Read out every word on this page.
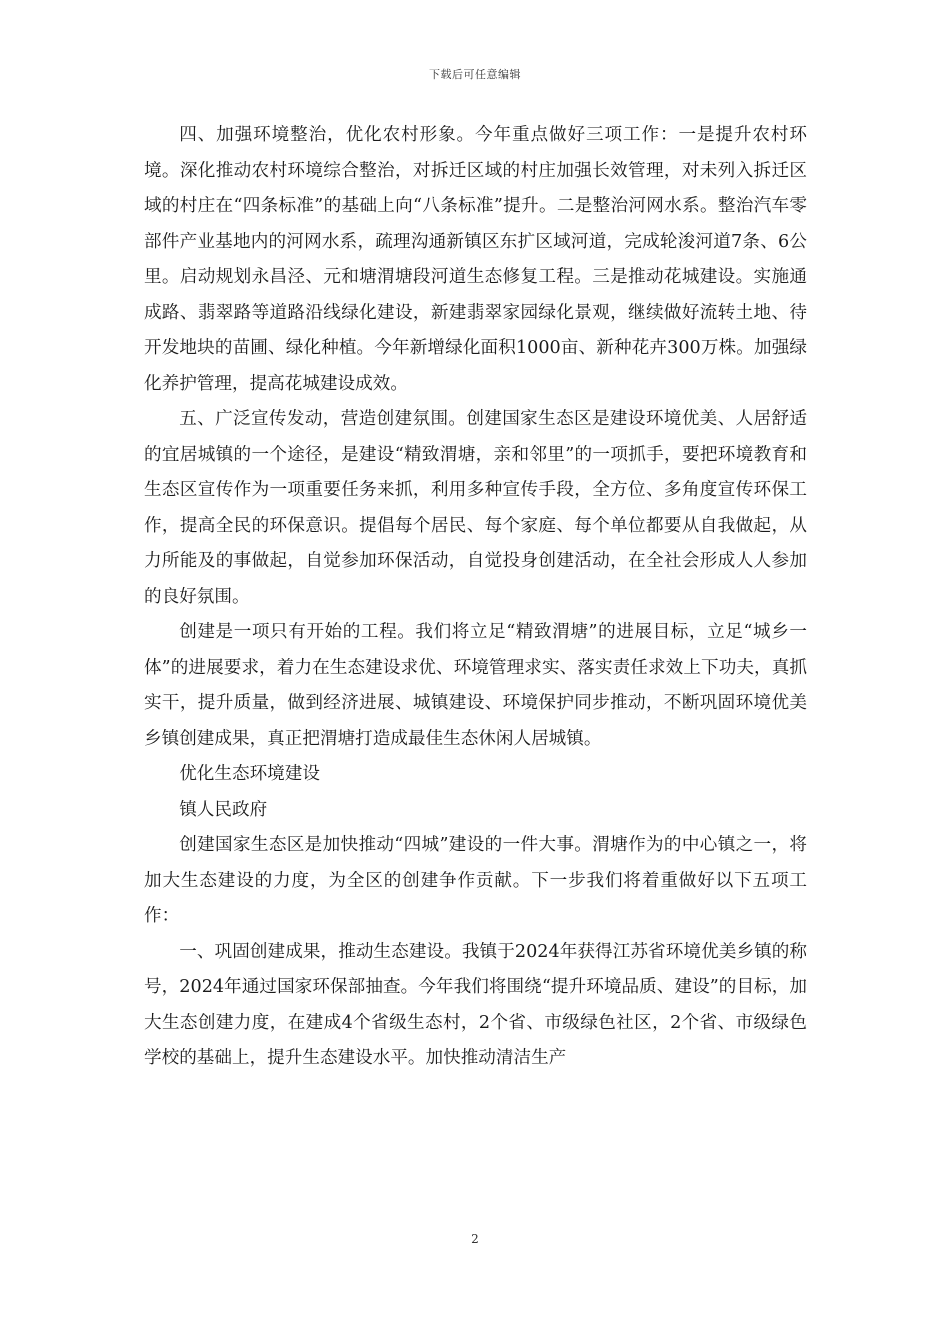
下载后可任意编辑

四、加强环境整治，优化农村形象。今年重点做好三项工作：一是提升农村环境。深化推动农村环境综合整治，对拆迁区域的村庄加强长效管理，对未列入拆迁区域的村庄在“四条标准”的基础上向“八条标准”提升。二是整治河网水系。整治汽车零部件产业基地内的河网水系，疏理沟通新镇区东扩区域河道，完成轮浚河道7条、6公里。启动规划永昌泾、元和塘渭塘段河道生态修复工程。三是推动花城建设。实施通成路、翡翠路等道路沿线绿化建设，新建翡翠家园绿化景观，继续做好流转土地、待开发地块的苗圃、绿化种植。今年新增绿化面积1000亩、新种花卉300万株。加强绿化养护管理，提高花城建设成效。

五、广泛宣传发动，营造创建氛围。创建国家生态区是建设环境优美、人居舒适的宜居城镇的一个途径，是建设“精致渭塘，亲和邻里”的一项抓手，要把环境教育和生态区宣传作为一项重要任务来抓，利用多种宣传手段，全方位、多角度宣传环保工作，提高全民的环保意识。提倡每个居民、每个家庭、每个单位都要从自我做起，从力所能及的事做起，自觉参加环保活动，自觉投身创建活动，在全社会形成人人参加的良好氛围。

创建是一项只有开始的工程。我们将立足“精致渭塘”的进展目标，立足“城乡一体”的进展要求，着力在生态建设求优、环境管理求实、落实责任求效上下功夫，真抓实干，提升质量，做到经济进展、城镇建设、环境保护同步推动，不断巩固环境优美乡镇创建成果，真正把渭塘打造成最佳生态休闲人居城镇。

优化生态环境建设

镇人民政府

创建国家生态区是加快推动“四城”建设的一件大事。渭塘作为的中心镇之一，将加大生态建设的力度，为全区的创建争作贡献。下一步我们将着重做好以下五项工作：

一、巩固创建成果，推动生态建设。我镇于2024年获得江苏省环境优美乡镇的称号，2024年通过国家环保部抽查。今年我们将围绕“提升环境品质、建设”的目标，加大生态创建力度，在建成4个省级生态村，2个省、市级绿色社区，2个省、市级绿色学校的基础上，提升生态建设水平。加快推动清洁生产

2
